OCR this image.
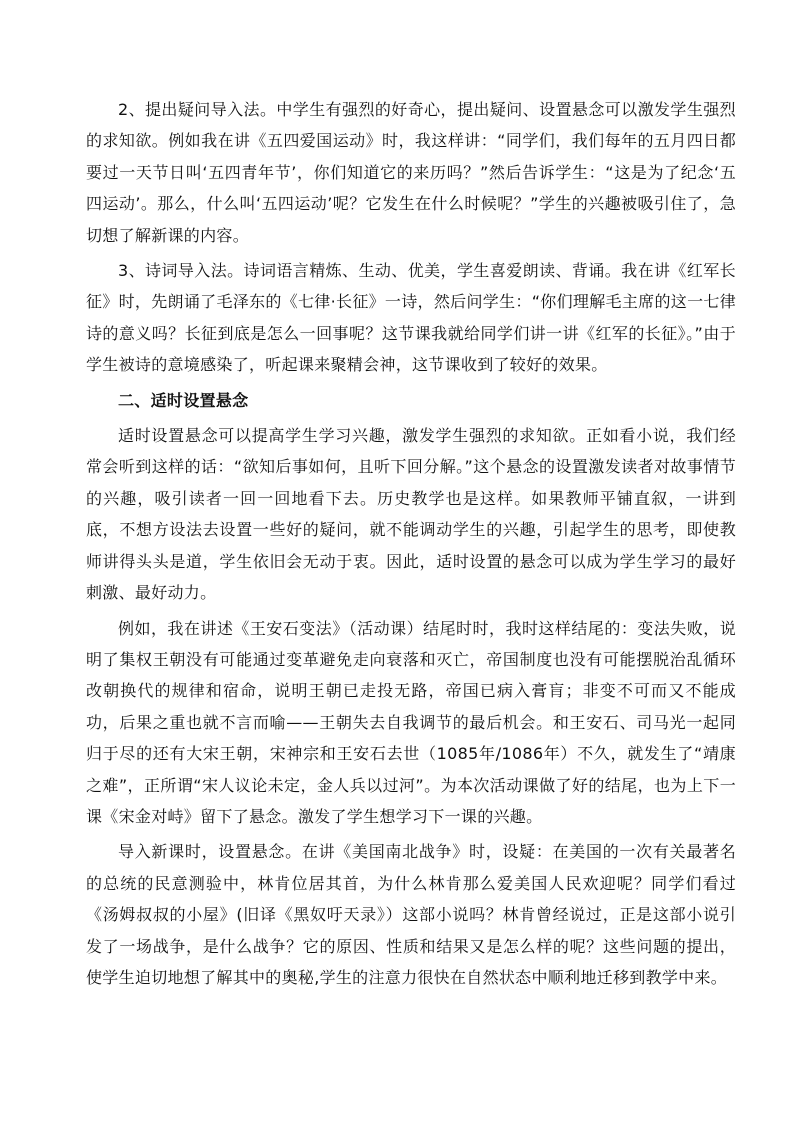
2、提出疑问导入法。中学生有强烈的好奇心，提出疑问、设置悬念可以激发学生强烈的求知欲。例如我在讲《五四爱国运动》时，我这样讲：“同学们，我们每年的五月四日都要过一天节日叫‘五四青年节’，你们知道它的来历吗？”然后告诉学生：“这是为了纪念‘五四运动’。那么，什么叫‘五四运动’呢？它发生在什么时候呢？”学生的兴趣被吸引住了，急切想了解新课的内容。

3、诗词导入法。诗词语言精炼、生动、优美，学生喜爱朗读、背诵。我在讲《红军长征》时，先朗诵了毛泽东的《七律·长征》一诗，然后问学生：“你们理解毛主席的这一七律诗的意义吗？长征到底是怎么一回事呢？这节课我就给同学们讲一讲《红军的长征》。”由于学生被诗的意境感染了，听起课来聚精会神，这节课收到了较好的效果。

二、适时设置悬念

适时设置悬念可以提高学生学习兴趣，激发学生强烈的求知欲。正如看小说，我们经常会听到这样的话：“欲知后事如何，且听下回分解。”这个悬念的设置激发读者对故事情节的兴趣，吸引读者一回一回地看下去。历史教学也是这样。如果教师平铺直叙，一讲到底，不想方设法去设置一些好的疑问，就不能调动学生的兴趣，引起学生的思考，即使教师讲得头头是道，学生依旧会无动于衷。因此，适时设置的悬念可以成为学生学习的最好刺激、最好动力。

例如，我在讲述《王安石变法》（活动课）结尾时时，我时这样结尾的：变法失败，说明了集权王朝没有可能通过变革避免走向衰落和灭亡，帝国制度也没有可能摆脱治乱循环改朝换代的规律和宿命，说明王朝已走投无路，帝国已病入膏肓；非变不可而又不能成功，后果之重也就不言而喻——王朝失去自我调节的最后机会。和王安石、司马光一起同归于尽的还有大宋王朝，宋神宗和王安石去世（1085年/1086年）不久，就发生了“靖康之难”，正所谓“宋人议论未定，金人兵以过河”。为本次活动课做了好的结尾，也为上下一课《宋金对峙》留下了悬念。激发了学生想学习下一课的兴趣。

导入新课时，设置悬念。在讲《美国南北战争》时，设疑：在美国的一次有关最著名的总统的民意测验中，林肯位居其首，为什么林肯那么爱美国人民欢迎呢？同学们看过《汤姆叔叔的小屋》(旧译《黑奴吁天录》）这部小说吗？林肯曾经说过，正是这部小说引发了一场战争，是什么战争？它的原因、性质和结果又是怎么样的呢？这些问题的提出，使学生迫切地想了解其中的奥秘,学生的注意力很快在自然状态中顺利地迁移到教学中来。
